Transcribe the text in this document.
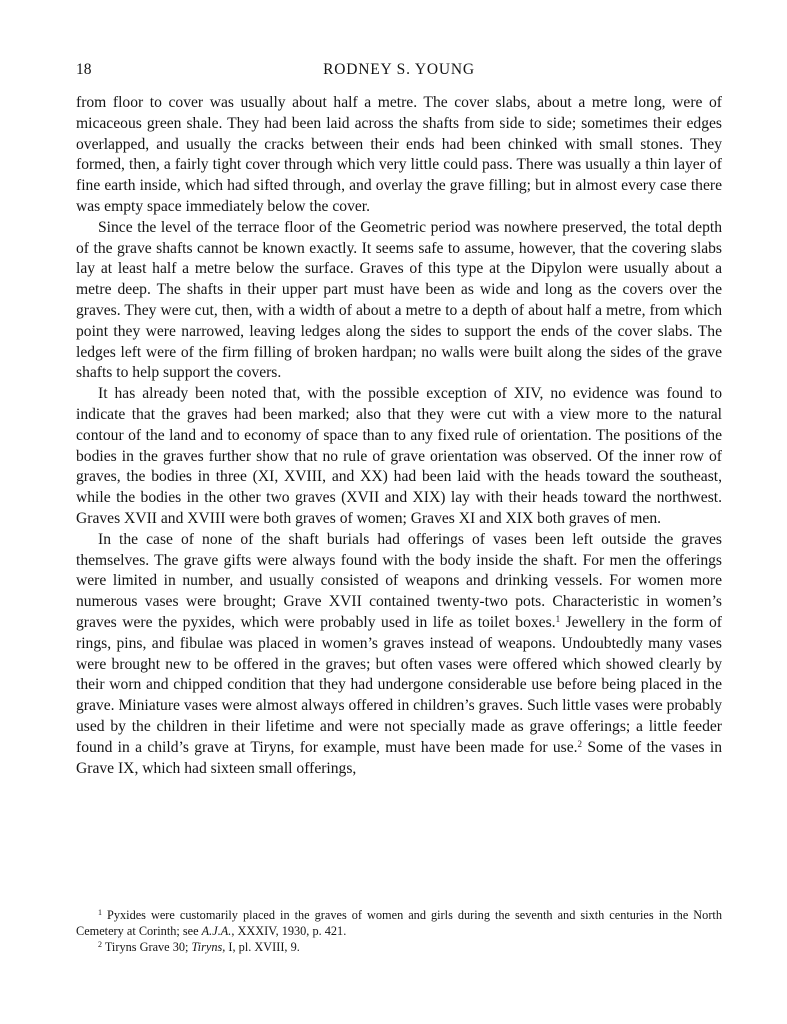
18	RODNEY S. YOUNG

from floor to cover was usually about half a metre. The cover slabs, about a metre long, were of micaceous green shale. They had been laid across the shafts from side to side; sometimes their edges overlapped, and usually the cracks between their ends had been chinked with small stones. They formed, then, a fairly tight cover through which very little could pass. There was usually a thin layer of fine earth inside, which had sifted through, and overlay the grave filling; but in almost every case there was empty space immediately below the cover.

Since the level of the terrace floor of the Geometric period was nowhere preserved, the total depth of the grave shafts cannot be known exactly. It seems safe to assume, however, that the covering slabs lay at least half a metre below the surface. Graves of this type at the Dipylon were usually about a metre deep. The shafts in their upper part must have been as wide and long as the covers over the graves. They were cut, then, with a width of about a metre to a depth of about half a metre, from which point they were narrowed, leaving ledges along the sides to support the ends of the cover slabs. The ledges left were of the firm filling of broken hardpan; no walls were built along the sides of the grave shafts to help support the covers.

It has already been noted that, with the possible exception of XIV, no evidence was found to indicate that the graves had been marked; also that they were cut with a view more to the natural contour of the land and to economy of space than to any fixed rule of orientation. The positions of the bodies in the graves further show that no rule of grave orientation was observed. Of the inner row of graves, the bodies in three (XI, XVIII, and XX) had been laid with the heads toward the southeast, while the bodies in the other two graves (XVII and XIX) lay with their heads toward the northwest. Graves XVII and XVIII were both graves of women; Graves XI and XIX both graves of men.

In the case of none of the shaft burials had offerings of vases been left outside the graves themselves. The grave gifts were always found with the body inside the shaft. For men the offerings were limited in number, and usually consisted of weapons and drinking vessels. For women more numerous vases were brought; Grave XVII contained twenty-two pots. Characteristic in women’s graves were the pyxides, which were probably used in life as toilet boxes.$^1$ Jewellery in the form of rings, pins, and fibulae was placed in women’s graves instead of weapons. Undoubtedly many vases were brought new to be offered in the graves; but often vases were offered which showed clearly by their worn and chipped condition that they had undergone considerable use before being placed in the grave. Miniature vases were almost always offered in children’s graves. Such little vases were probably used by the children in their lifetime and were not specially made as grave offerings; a little feeder found in a child’s grave at Tiryns, for example, must have been made for use.$^2$ Some of the vases in Grave IX, which had sixteen small offerings,

$^1$ Pyxides were customarily placed in the graves of women and girls during the seventh and sixth centuries in the North Cemetery at Corinth; see A.J.A., XXXIV, 1930, p. 421.

$^2$ Tiryns Grave 30; Tiryns, I, pl. XVIII, 9.
